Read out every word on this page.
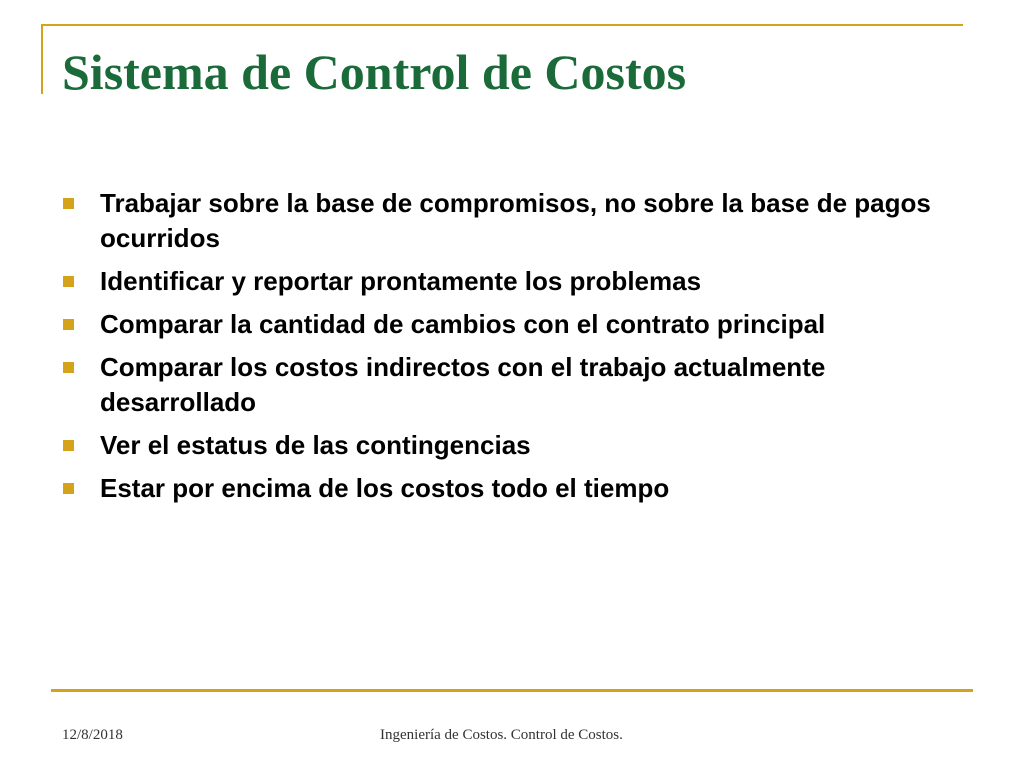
Sistema de Control de Costos
Trabajar sobre la base de compromisos, no sobre la base de pagos ocurridos
Identificar y reportar prontamente los problemas
Comparar la cantidad de cambios con el contrato principal
Comparar los costos indirectos con el trabajo actualmente desarrollado
Ver el estatus de las contingencias
Estar por encima de los costos todo el tiempo
12/8/2018	Ingeniería de Costos. Control de Costos.
